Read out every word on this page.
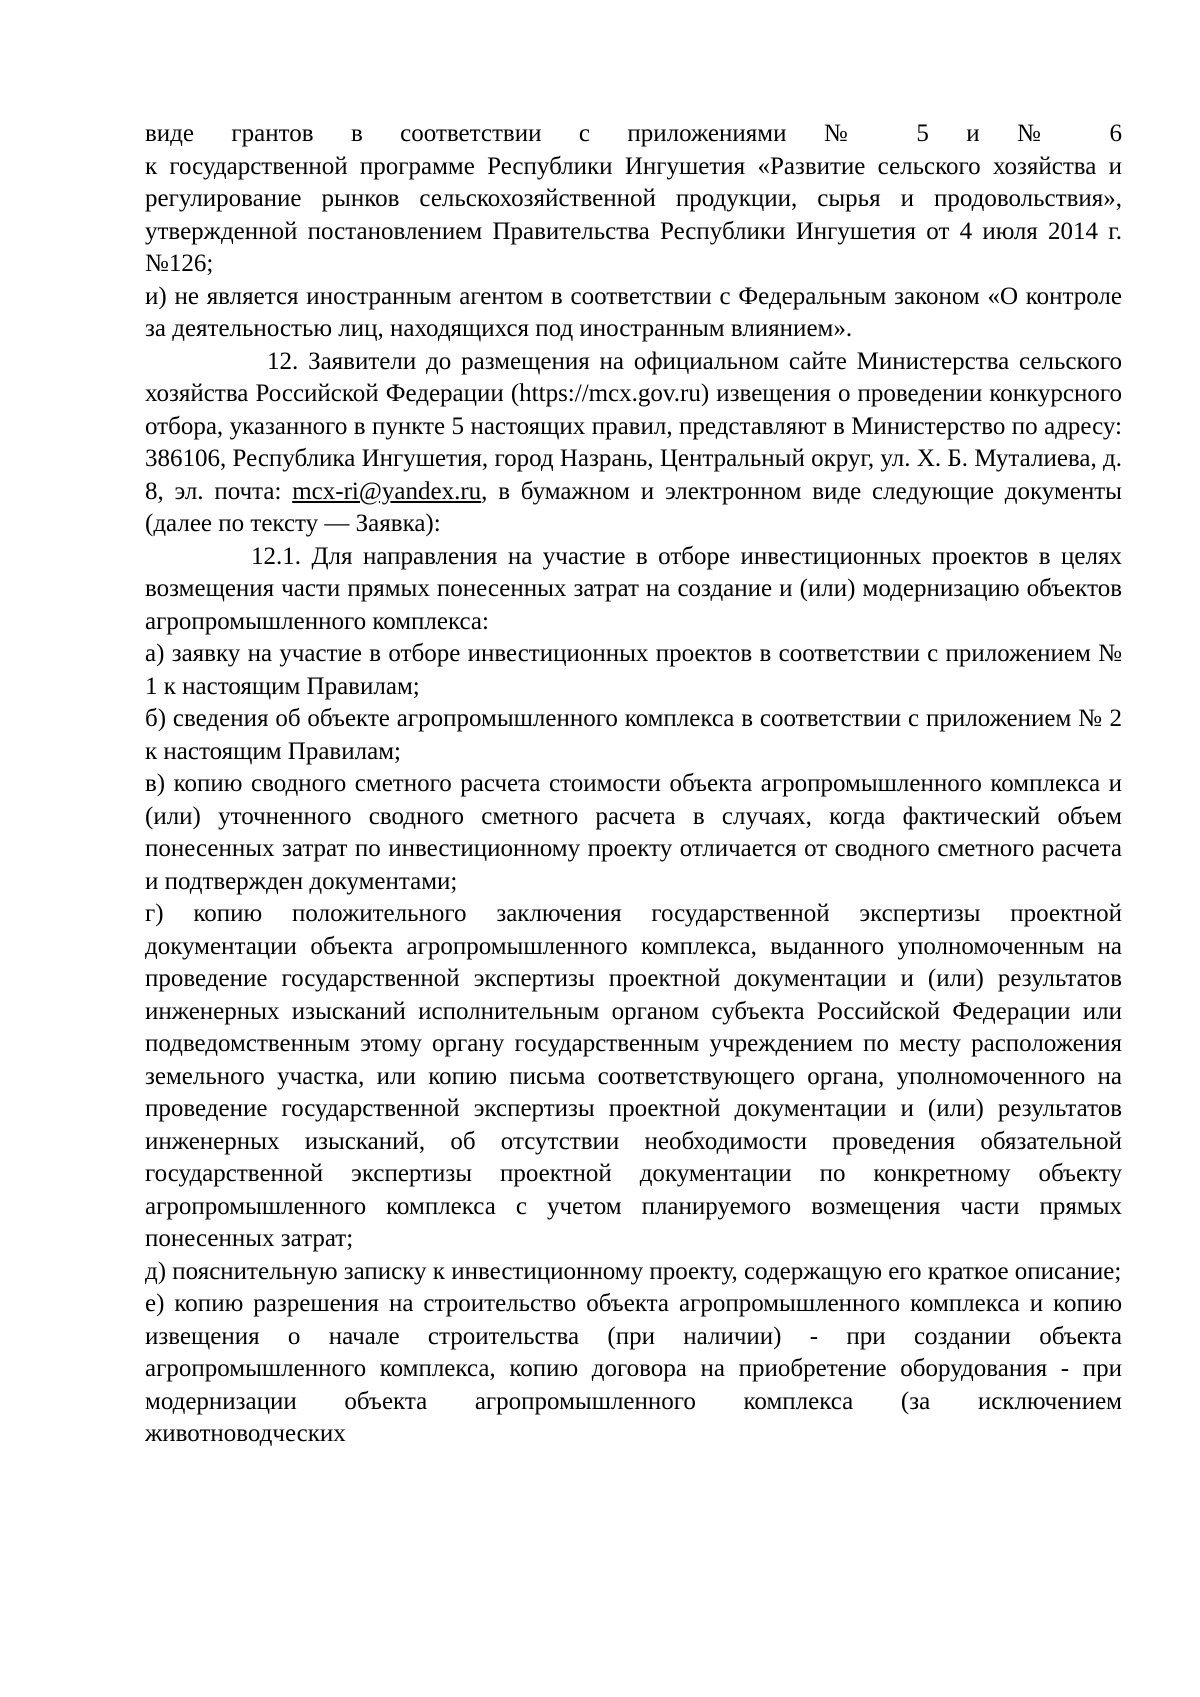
виде грантов в соответствии с приложениями № 5 и № 6

к государственной программе Республики Ингушетия «Развитие сельского хозяйства и регулирование рынков сельскохозяйственной продукции, сырья и продовольствия», утвержденной постановлением Правительства Республики Ингушетия от 4 июля 2014 г. №126;

и) не является иностранным агентом в соответствии с Федеральным законом «О контроле за деятельностью лиц, находящихся под иностранным влиянием».

12. Заявители до размещения на официальном сайте Министерства сельского хозяйства Российской Федерации (https://mcx.gov.ru) извещения о проведении конкурсного отбора, указанного в пункте 5 настоящих правил, представляют в Министерство по адресу: 386106, Республика Ингушетия, город Назрань, Центральный округ, ул. Х. Б. Муталиева, д. 8, эл. почта: mcx-ri@yandex.ru, в бумажном и электронном виде следующие документы (далее по тексту — Заявка):

12.1. Для направления на участие в отборе инвестиционных проектов в целях возмещения части прямых понесенных затрат на создание и (или) модернизацию объектов агропромышленного комплекса:

а) заявку на участие в отборе инвестиционных проектов в соответствии с приложением № 1 к настоящим Правилам;

б) сведения об объекте агропромышленного комплекса в соответствии с приложением № 2 к настоящим Правилам;

в) копию сводного сметного расчета стоимости объекта агропромышленного комплекса и (или) уточненного сводного сметного расчета в случаях, когда фактический объем понесенных затрат по инвестиционному проекту отличается от сводного сметного расчета и подтвержден документами;

г) копию положительного заключения государственной экспертизы проектной документации объекта агропромышленного комплекса, выданного уполномоченным на проведение государственной экспертизы проектной документации и (или) результатов инженерных изысканий исполнительным органом субъекта Российской Федерации или подведомственным этому органу государственным учреждением по месту расположения земельного участка, или копию письма соответствующего органа, уполномоченного на проведение государственной экспертизы проектной документации и (или) результатов инженерных изысканий, об отсутствии необходимости проведения обязательной государственной экспертизы проектной документации по конкретному объекту агропромышленного комплекса с учетом планируемого возмещения части прямых понесенных затрат;

д) пояснительную записку к инвестиционному проекту, содержащую его краткое описание;

е) копию разрешения на строительство объекта агропромышленного комплекса и копию извещения о начале строительства (при наличии) - при создании объекта агропромышленного комплекса, копию договора на приобретение оборудования - при модернизации объекта агропромышленного комплекса (за исключением животноводческих
